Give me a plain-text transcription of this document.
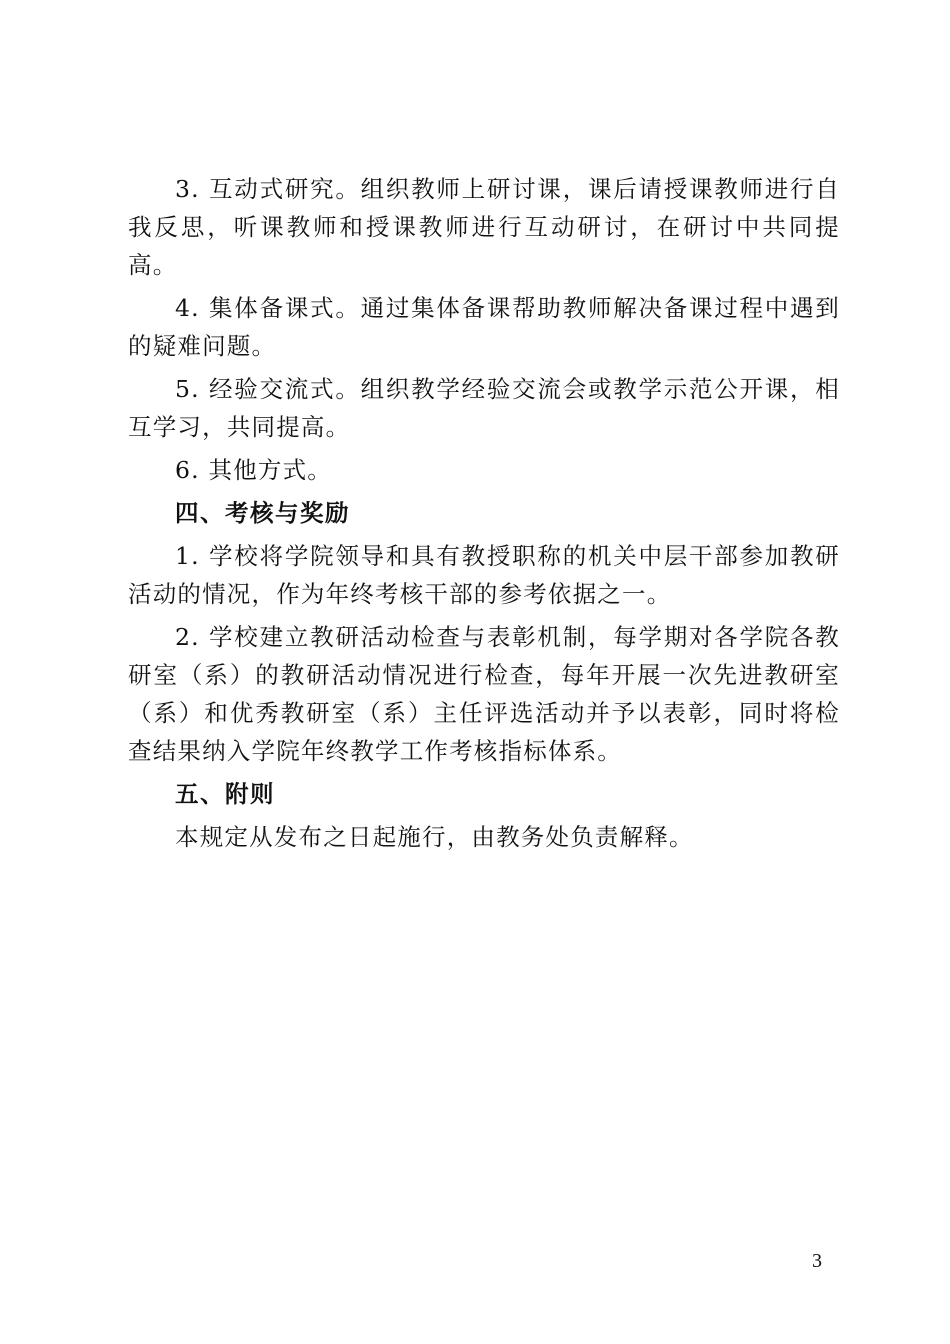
3. 互动式研究。组织教师上研讨课，课后请授课教师进行自我反思，听课教师和授课教师进行互动研讨，在研讨中共同提高。

4. 集体备课式。通过集体备课帮助教师解决备课过程中遇到的疑难问题。

5. 经验交流式。组织教学经验交流会或教学示范公开课，相互学习，共同提高。

6. 其他方式。

四、考核与奖励

1. 学校将学院领导和具有教授职称的机关中层干部参加教研活动的情况，作为年终考核干部的参考依据之一。

2. 学校建立教研活动检查与表彰机制，每学期对各学院各教研室（系）的教研活动情况进行检查，每年开展一次先进教研室（系）和优秀教研室（系）主任评选活动并予以表彰，同时将检查结果纳入学院年终教学工作考核指标体系。

五、附则

本规定从发布之日起施行，由教务处负责解释。

3
